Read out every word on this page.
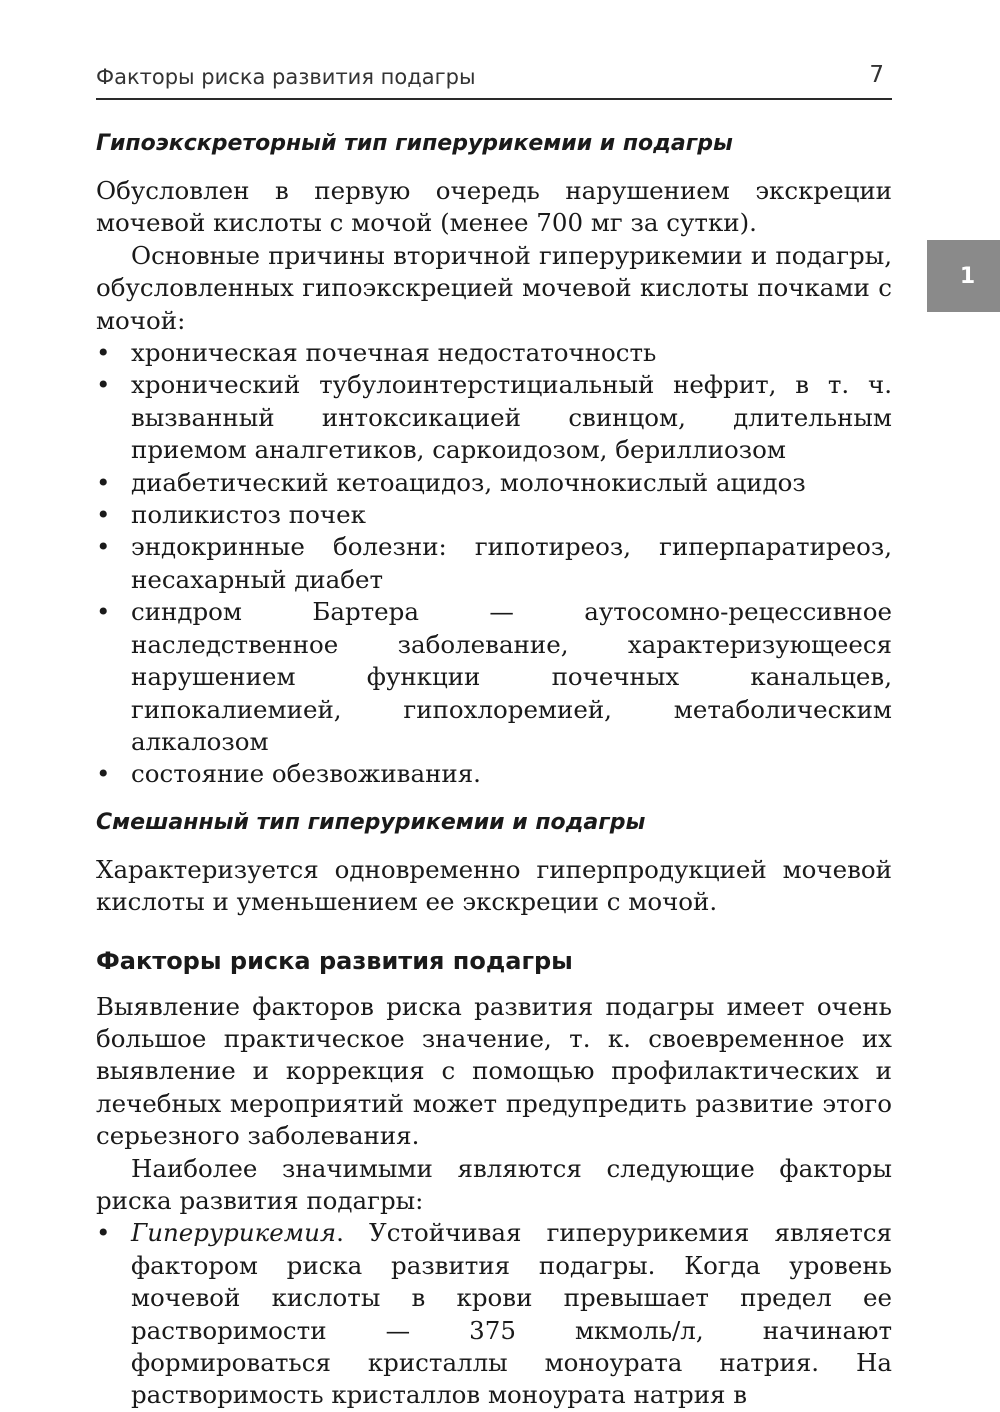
Факторы риска развития подагры	7
1
Гипоэкскреторный тип гиперурикемии и подагры

Обусловлен в первую очередь нарушением экскреции мочевой кислоты с мочой (менее 700 мг за сутки).

Основные причины вторичной гиперурикемии и подагры, обусловленных гипоэкскрецией мочевой кислоты почками с мочой:

• хроническая почечная недостаточность
• хронический тубулоинтерстициальный нефрит, в т. ч. вызванный интоксикацией свинцом, длительным приемом аналгетиков, саркоидозом, бериллиозом
• диабетический кетоацидоз, молочнокислый ацидоз
• поликистоз почек
• эндокринные болезни: гипотиреоз, гиперпаратиреоз, несахарный диабет
• синдром Бартера — аутосомно-рецессивное наследственное заболевание, характеризующееся нарушением функции почечных канальцев, гипокалиемией, гипохлоремией, метаболическим алкалозом
• состояние обезвоживания.
Смешанный тип гиперурикемии и подагры

Характеризуется одновременно гиперпродукцией мочевой кислоты и уменьшением ее экскреции с мочой.

Факторы риска развития подагры

Выявление факторов риска развития подагры имеет очень большое практическое значение, т. к. своевременное их выявление и коррекция с помощью профилактических и лечебных мероприятий может предупредить развитие этого серьезного заболевания.

Наиболее значимыми являются следующие факторы риска развития подагры:

• Гиперурикемия. Устойчивая гиперурикемия является фактором риска развития подагры. Когда уровень мочевой кислоты в крови превышает предел ее растворимости — 375 мкмоль/л, начинают формироваться кристаллы моноурата натрия. На растворимость кристаллов моноурата натрия в
